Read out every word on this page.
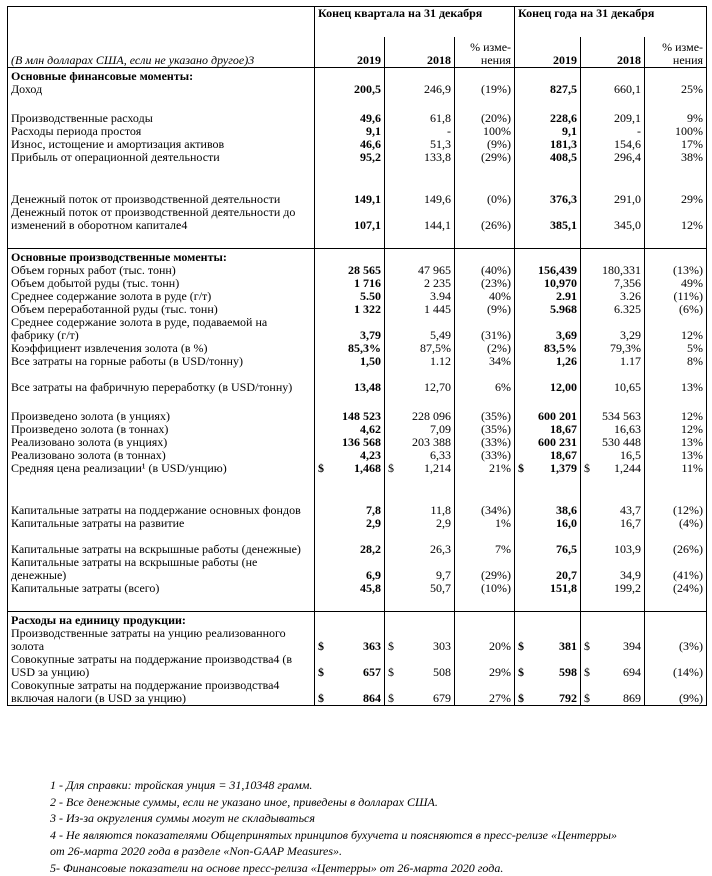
(В млн долларах США, если не указано другое)3	Конец квартала на 31 декабря			Конец года на 31 декабря		
	2019	2018	% изме-нения	2019	2018	% изме-нения
Основные финансовые моменты:						
Доход	200,5	246,9	(19%)	827,5	660,1	25%

Производственные расходы	49,6	61,8	(20%)	228,6	209,1	9%
Расходы периода простоя	9,1	-	100%	9,1	-	100%
Износ, истощение и амортизация активов	46,6	51,3	(9%)	181,3	154,6	17%
Прибыль от операционной деятельности	95,2	133,8	(29%)	408,5	296,4	38%

Денежный поток от производственной деятельности	149,1	149,6	(0%)	376,3	291,0	29%
Денежный поток от производственной деятельности до изменений в оборотном капитале4	107,1	144,1	(26%)	385,1	345,0	12%

Основные производственные моменты:						
Объем горных работ (тыс. тонн)	28 565	47 965	(40%)	156,439	180,331	(13%)
Объем добытой руды (тыс. тонн)	1 716	2 235	(23%)	10,970	7,356	49%
Среднее содержание золота в руде (г/т)	5.50	3.94	40%	2.91	3.26	(11%)
Объем переработанной руды (тыс. тонн)	1 322	1 445	(9%)	5.968	6.325	(6%)
Среднее содержание золота в руде, подаваемой на фабрику (г/т)	3,79	5,49	(31%)	3,69	3,29	12%
Коэффициент извлечения золота (в %)	85,3%	87,5%	(2%)	83,5%	79,3%	5%
Все затраты на горные работы (в USD/тонну)	1,50	1.12	34%	1,26	1.17	8%
Все затраты на фабричную переработку (в USD/тонну)	13,48	12,70	6%	12,00	10,65	13%

Произведено золота (в унциях)	148 523	228 096	(35%)	600 201	534 563	12%
Произведено золота (в тоннах)	4,62	7,09	(35%)	18,67	16,63	12%
Реализовано золота (в унциях)	136 568	203 388	(33%)	600 231	530 448	13%
Реализовано золота (в тоннах)	4,23	6,33	(33%)	18,67	16,5	13%
Средняя цена реализации¹ (в USD/унцию)	$ 1,468	$ 1,214	21%	$ 1,379	$ 1,244	11%

Капитальные затраты на поддержание основных фондов	7,8	11,8	(34%)	38,6	43,7	(12%)
Капитальные затраты на развитие	2,9	2,9	1%	16,0	16,7	(4%)
Капитальные затраты на вскрышные работы (денежные)	28,2	26,3	7%	76,5	103,9	(26%)
Капитальные затраты на вскрышные работы (не денежные)	6,9	9,7	(29%)	20,7	34,9	(41%)
Капитальные затраты (всего)	45,8	50,7	(10%)	151,8	199,2	(24%)

Расходы на единицу продукции:						
Производственные затраты на унцию реализованного золота	$ 363	$ 303	20%	$ 381	$ 394	(3%)
Совокупные затраты на поддержание производства4 (в USD за унцию)	$ 657	$ 508	29%	$ 598	$ 694	(14%)
Совокупные затраты на поддержание производства4 включая налоги (в USD за унцию)	$ 864	$ 679	27%	$ 792	$ 869	(9%)
1 - Для справки: тройская унция = 31,10348 грамм.
2 - Все денежные суммы, если не указано иное, приведены в долларах США.
3 - Из-за округления суммы могут не складываться
4 - Не являются показателями Общепринятых принципов бухучета и поясняются в пресс-релизе «Центерры»
от 26-марта 2020 года в разделе «Non-GAAP Measures».
5- Финансовые показатели на основе пресс-релиза «Центерры» от 26-марта 2020 года.
